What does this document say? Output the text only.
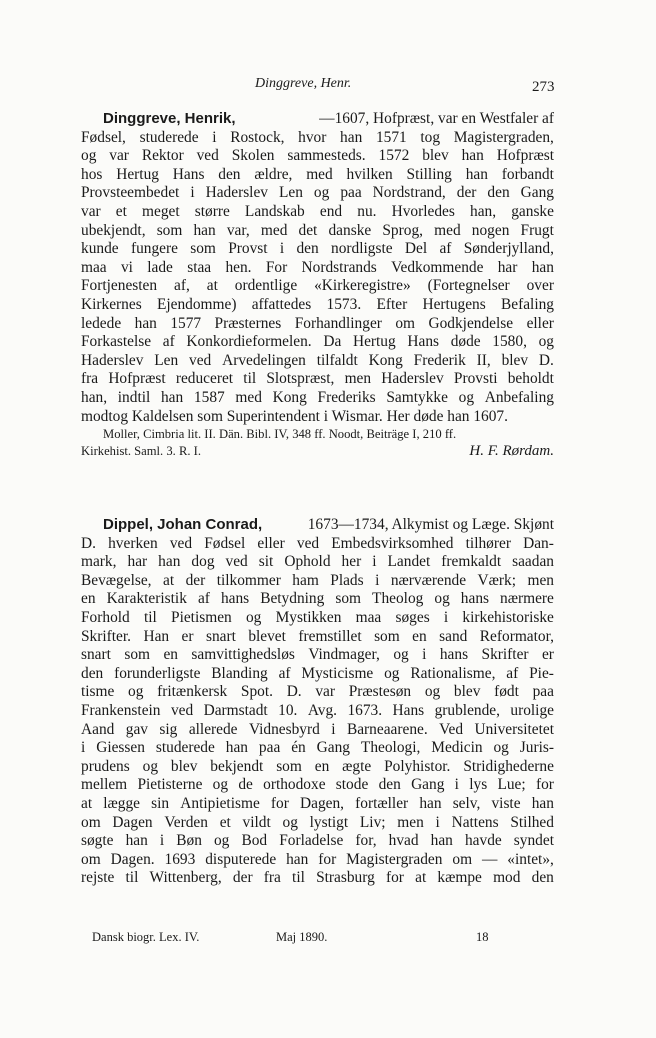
Dinggreve, Henr.	273
Dinggreve, Henrik,	—1607, Hofpræst, var en Westfaler af
Fødsel, studerede i Rostock, hvor han 1571 tog Magistergraden,
og var Rektor ved Skolen sammesteds. 1572 blev han Hofpræst
hos Hertug Hans den ældre, med hvilken Stilling han forbandt
Provsteembedet i Haderslev Len og paa Nordstrand, der den Gang
var et meget større Landskab end nu. Hvorledes han, ganske
ubekjendt, som han var, med det danske Sprog, med nogen Frugt
kunde fungere som Provst i den nordligste Del af Sønderjylland,
maa vi lade staa hen. For Nordstrands Vedkommende har han
Fortjenesten af, at ordentlige «Kirkeregistre» (Fortegnelser over
Kirkernes Ejendomme) affattedes 1573. Efter Hertugens Befaling
ledede han 1577 Præsternes Forhandlinger om Godkjendelse eller
Forkastelse af Konkordieformelen. Da Hertug Hans døde 1580, og
Haderslev Len ved Arvedelingen tilfaldt Kong Frederik II, blev D.
fra Hofpræst reduceret til Slotspræst, men Haderslev Provsti beholdt
han, indtil han 1587 med Kong Frederiks Samtykke og Anbefaling
modtog Kaldelsen som Superintendent i Wismar. Her døde han 1607.
Moller, Cimbria lit. II. Dän. Bibl. IV, 348 ff. Noodt, Beiträge I, 210 ff.
Kirkehist. Saml. 3. R. I.	H. F. Rørdam.
Dippel, Johan Conrad,	1673—1734, Alkymist og Læge. Skjønt
D. hverken ved Fødsel eller ved Embedsvirksomhed tilhører Dan-
mark, har han dog ved sit Ophold her i Landet fremkaldt saadan
Bevægelse, at der tilkommer ham Plads i nærværende Værk; men
en Karakteristik af hans Betydning som Theolog og hans nærmere
Forhold til Pietismen og Mystikken maa søges i kirkehistoriske
Skrifter. Han er snart blevet fremstillet som en sand Reformator,
snart som en samvittighedsløs Vindmager, og i hans Skrifter er
den forunderligste Blanding af Mysticisme og Rationalisme, af Pie-
tisme og fritænkersk Spot. D. var Præstesøn og blev født paa
Frankenstein ved Darmstadt 10. Avg. 1673. Hans grublende, urolige
Aand gav sig allerede Vidnesbyrd i Barneaarene. Ved Universitetet
i Giessen studerede han paa én Gang Theologi, Medicin og Juris-
prudens og blev bekjendt som en ægte Polyhistor. Stridighederne
mellem Pietisterne og de orthodoxe stode den Gang i lys Lue; for
at lægge sin Antipietisme for Dagen, fortæller han selv, viste han
om Dagen Verden et vildt og lystigt Liv; men i Nattens Stilhed
søgte han i Bøn og Bod Forladelse for, hvad han havde syndet
om Dagen. 1693 disputerede han for Magistergraden om — «intet»,
rejste til Wittenberg, der fra til Strasburg for at kæmpe mod den
Dansk biogr. Lex. IV.	Maj 1890.	18
